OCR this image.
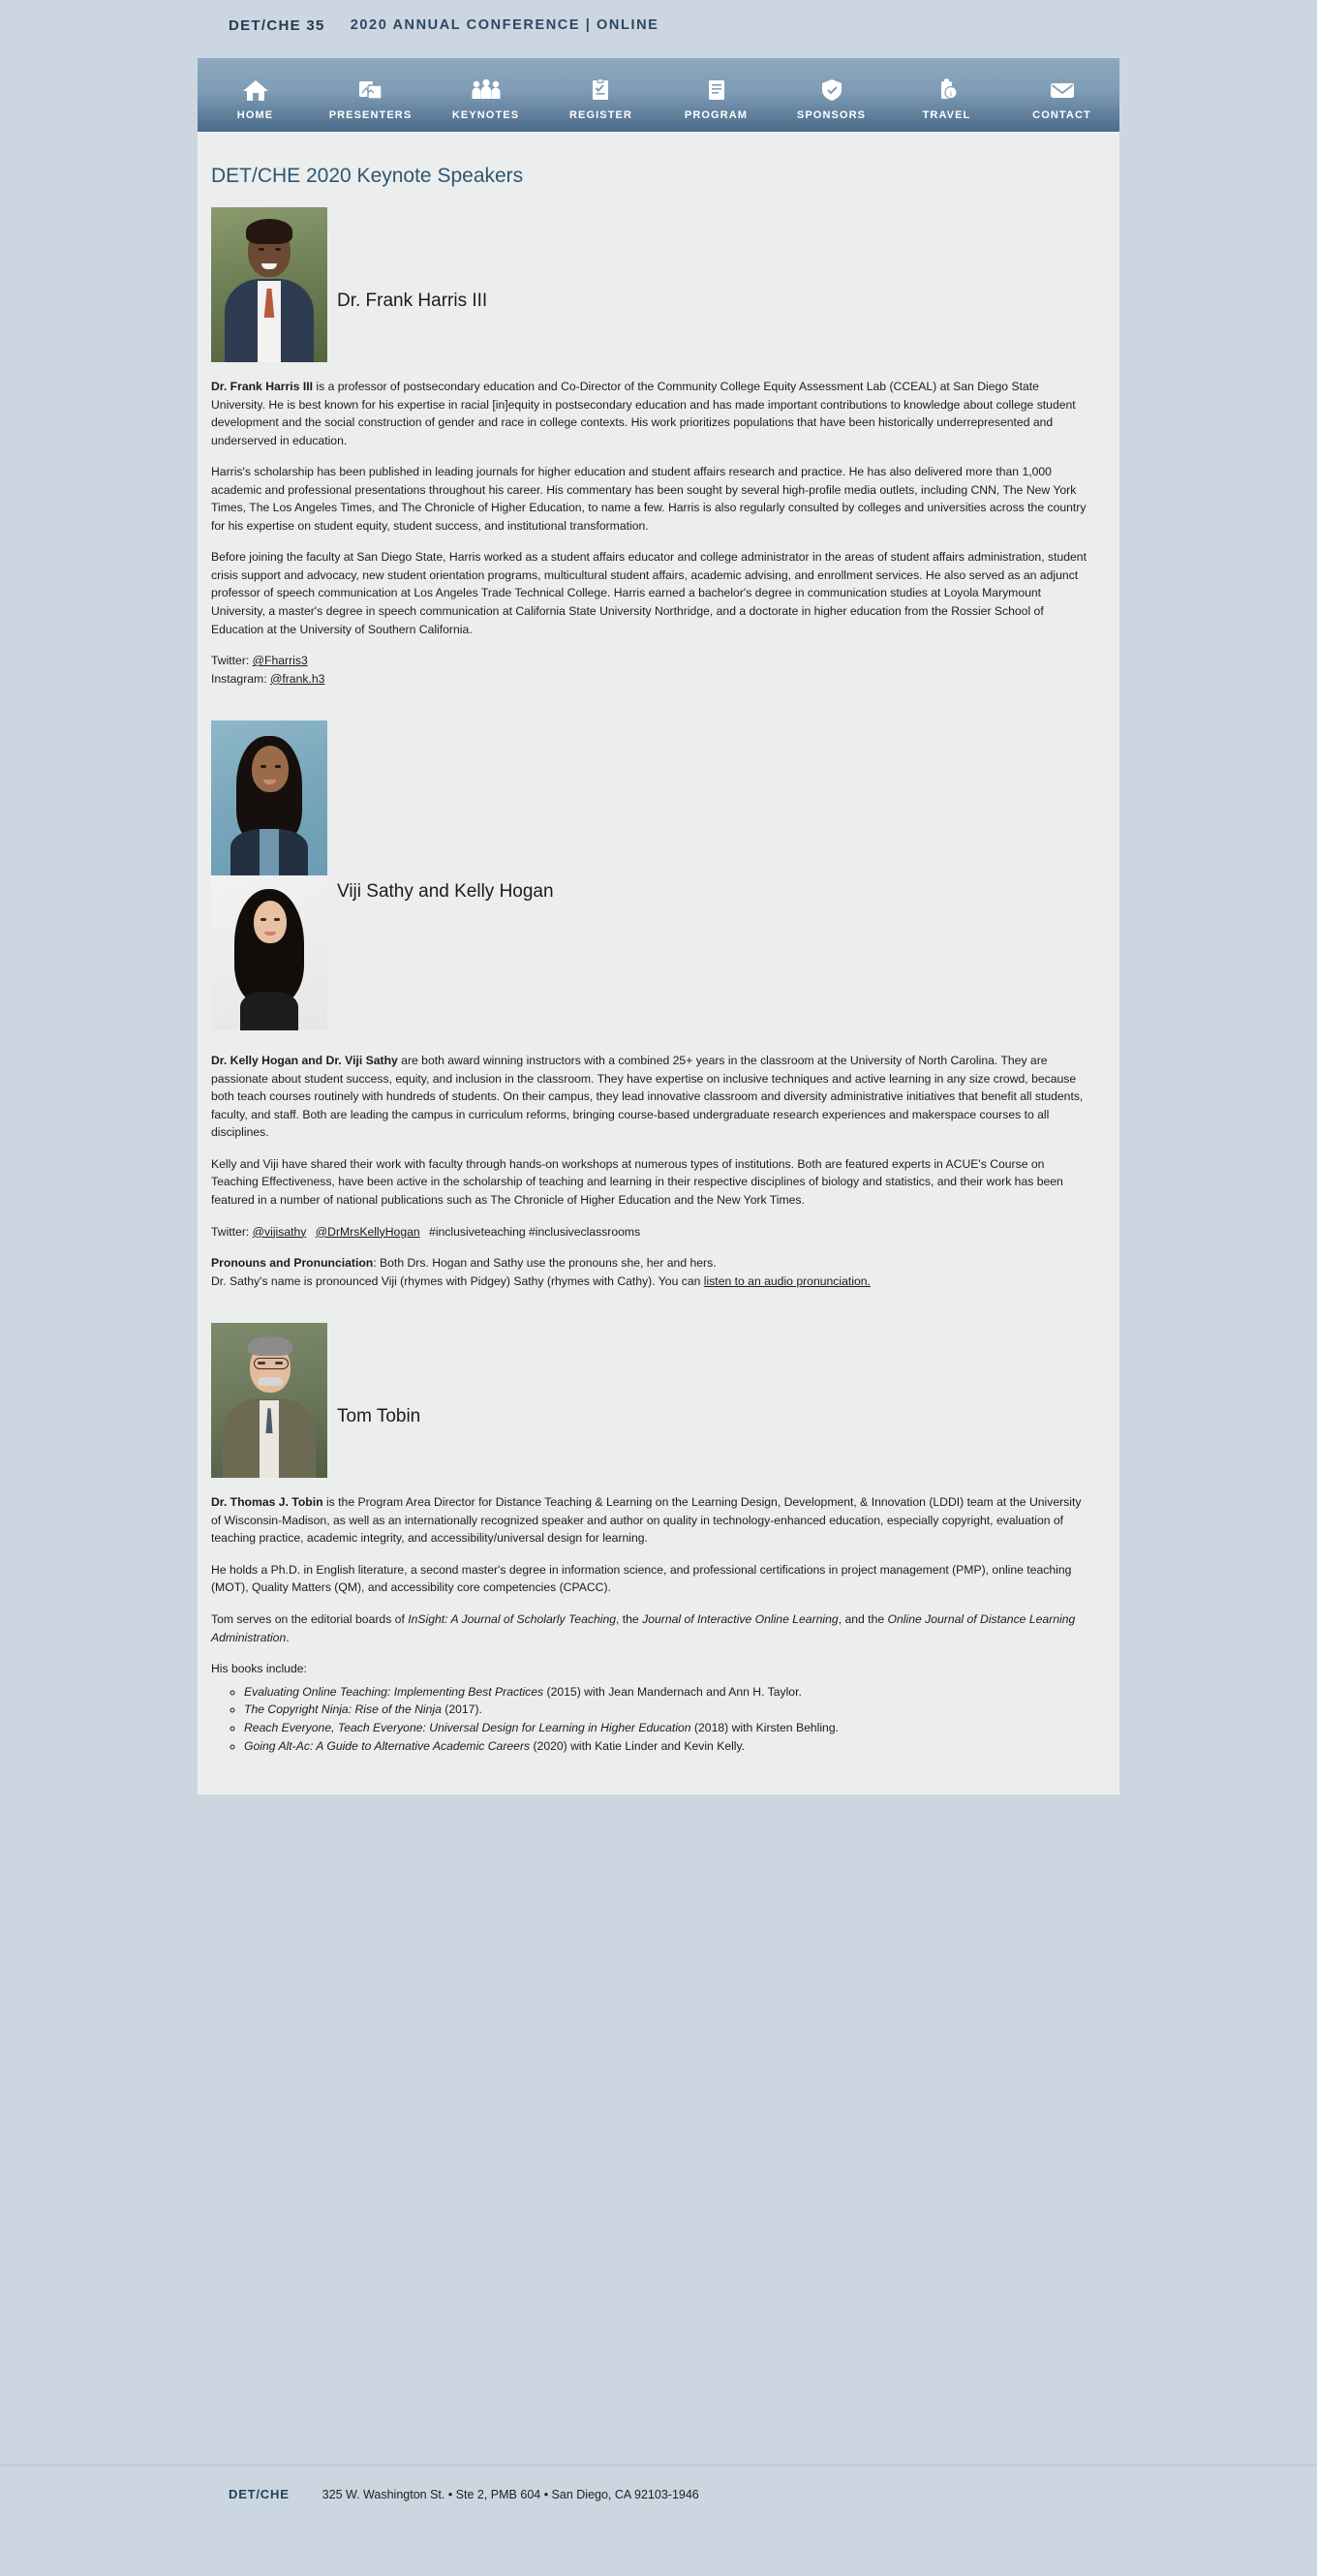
DET/CHE 35 2020 ANNUAL CONFERENCE | ONLINE
HOME	PRESENTERS	KEYNOTES	REGISTER	PROGRAM	SPONSORS
i
TRAVEL	CONTACT
DET/CHE 2020 Keynote Speakers
Dr. Frank Harris III

Dr. Frank Harris III is a professor of postsecondary education and Co-Director of the Community College Equity Assessment Lab (CCEAL) at San Diego State University. He is best known for his expertise in racial [in]equity in postsecondary education and has made important contributions to knowledge about college student development and the social construction of gender and race in college contexts. His work prioritizes populations that have been historically underrepresented and underserved in education.

Harris's scholarship has been published in leading journals for higher education and student affairs research and practice. He has also delivered more than 1,000 academic and professional presentations throughout his career. His commentary has been sought by several high-profile media outlets, including CNN, The New York Times, The Los Angeles Times, and The Chronicle of Higher Education, to name a few. Harris is also regularly consulted by colleges and universities across the country for his expertise on student equity, student success, and institutional transformation.

Before joining the faculty at San Diego State, Harris worked as a student affairs educator and college administrator in the areas of student affairs administration, student crisis support and advocacy, new student orientation programs, multicultural student affairs, academic advising, and enrollment services. He also served as an adjunct professor of speech communication at Los Angeles Trade Technical College. Harris earned a bachelor's degree in communication studies at Loyola Marymount University, a master's degree in speech communication at California State University Northridge, and a doctorate in higher education from the Rossier School of Education at the University of Southern California.

Twitter: @Fharris3
Instagram: @frank.h3

Viji Sathy and Kelly Hogan

Dr. Kelly Hogan and Dr. Viji Sathy are both award winning instructors with a combined 25+ years in the classroom at the University of North Carolina. They are passionate about student success, equity, and inclusion in the classroom. They have expertise on inclusive techniques and active learning in any size crowd, because both teach courses routinely with hundreds of students. On their campus, they lead innovative classroom and diversity administrative initiatives that benefit all students, faculty, and staff. Both are leading the campus in curriculum reforms, bringing course-based undergraduate research experiences and makerspace courses to all disciplines.

Kelly and Viji have shared their work with faculty through hands-on workshops at numerous types of institutions. Both are featured experts in ACUE's Course on Teaching Effectiveness, have been active in the scholarship of teaching and learning in their respective disciplines of biology and statistics, and their work has been featured in a number of national publications such as The Chronicle of Higher Education and the New York Times.

Twitter: @vijisathy @DrMrsKellyHogan #inclusiveteaching #inclusiveclassrooms

Pronouns and Pronunciation: Both Drs. Hogan and Sathy use the pronouns she, her and hers.
Dr. Sathy's name is pronounced Viji (rhymes with Pidgey) Sathy (rhymes with Cathy). You can listen to an audio pronunciation.

Tom Tobin

Dr. Thomas J. Tobin is the Program Area Director for Distance Teaching & Learning on the Learning Design, Development, & Innovation (LDDI) team at the University of Wisconsin-Madison, as well as an internationally recognized speaker and author on quality in technology-enhanced education, especially copyright, evaluation of teaching practice, academic integrity, and accessibility/universal design for learning.

He holds a Ph.D. in English literature, a second master's degree in information science, and professional certifications in project management (PMP), online teaching (MOT), Quality Matters (QM), and accessibility core competencies (CPACC).

Tom serves on the editorial boards of InSight: A Journal of Scholarly Teaching, the Journal of Interactive Online Learning, and the Online Journal of Distance Learning Administration.

His books include:

◦ Evaluating Online Teaching: Implementing Best Practices (2015) with Jean Mandernach and Ann H. Taylor.
◦ The Copyright Ninja: Rise of the Ninja (2017).
◦ Reach Everyone, Teach Everyone: Universal Design for Learning in Higher Education (2018) with Kirsten Behling.
◦ Going Alt-Ac: A Guide to Alternative Academic Careers (2020) with Katie Linder and Kevin Kelly.
DET/CHE	325 W. Washington St. • Ste 2, PMB 604 • San Diego, CA 92103-1946
